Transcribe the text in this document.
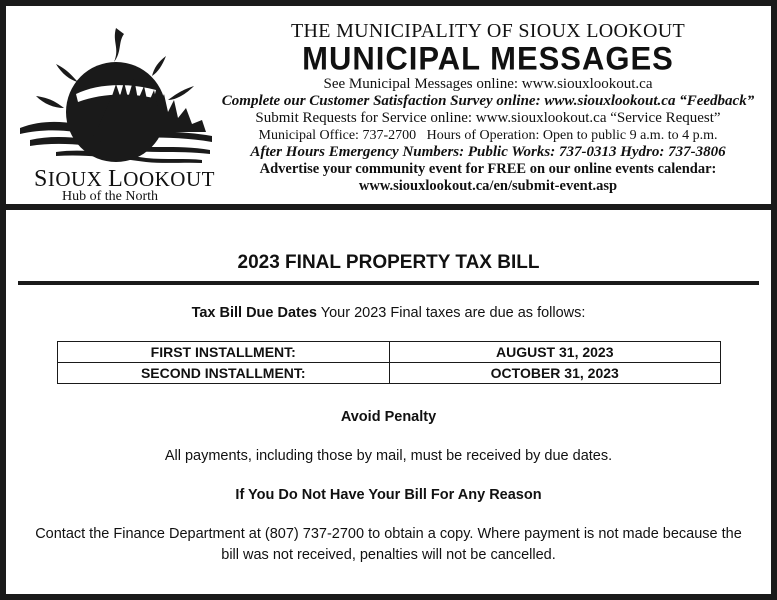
SIOUX LOOKOUT
Hub of the North
THE MUNICIPALITY OF SIOUX LOOKOUT
MUNICIPAL MESSAGES
See Municipal Messages online: www.siouxlookout.ca
Complete our Customer Satisfaction Survey online: www.siouxlookout.ca “Feedback”
Submit Requests for Service online: www.siouxlookout.ca “Service Request”
Municipal Office: 737-2700 Hours of Operation: Open to public 9 a.m. to 4 p.m.
After Hours Emergency Numbers: Public Works: 737-0313 Hydro: 737-3806
Advertise your community event for FREE on our online events calendar:
www.siouxlookout.ca/en/submit-event.asp
2023 FINAL PROPERTY TAX BILL
Tax Bill Due Dates Your 2023 Final taxes are due as follows:
FIRST INSTALLMENT:	AUGUST 31, 2023
SECOND INSTALLMENT:	OCTOBER 31, 2023
Avoid Penalty
All payments, including those by mail, must be received by due dates.
If You Do Not Have Your Bill For Any Reason
Contact the Finance Department at (807) 737-2700 to obtain a copy. Where payment is not made because the bill was not received, penalties will not be cancelled.
